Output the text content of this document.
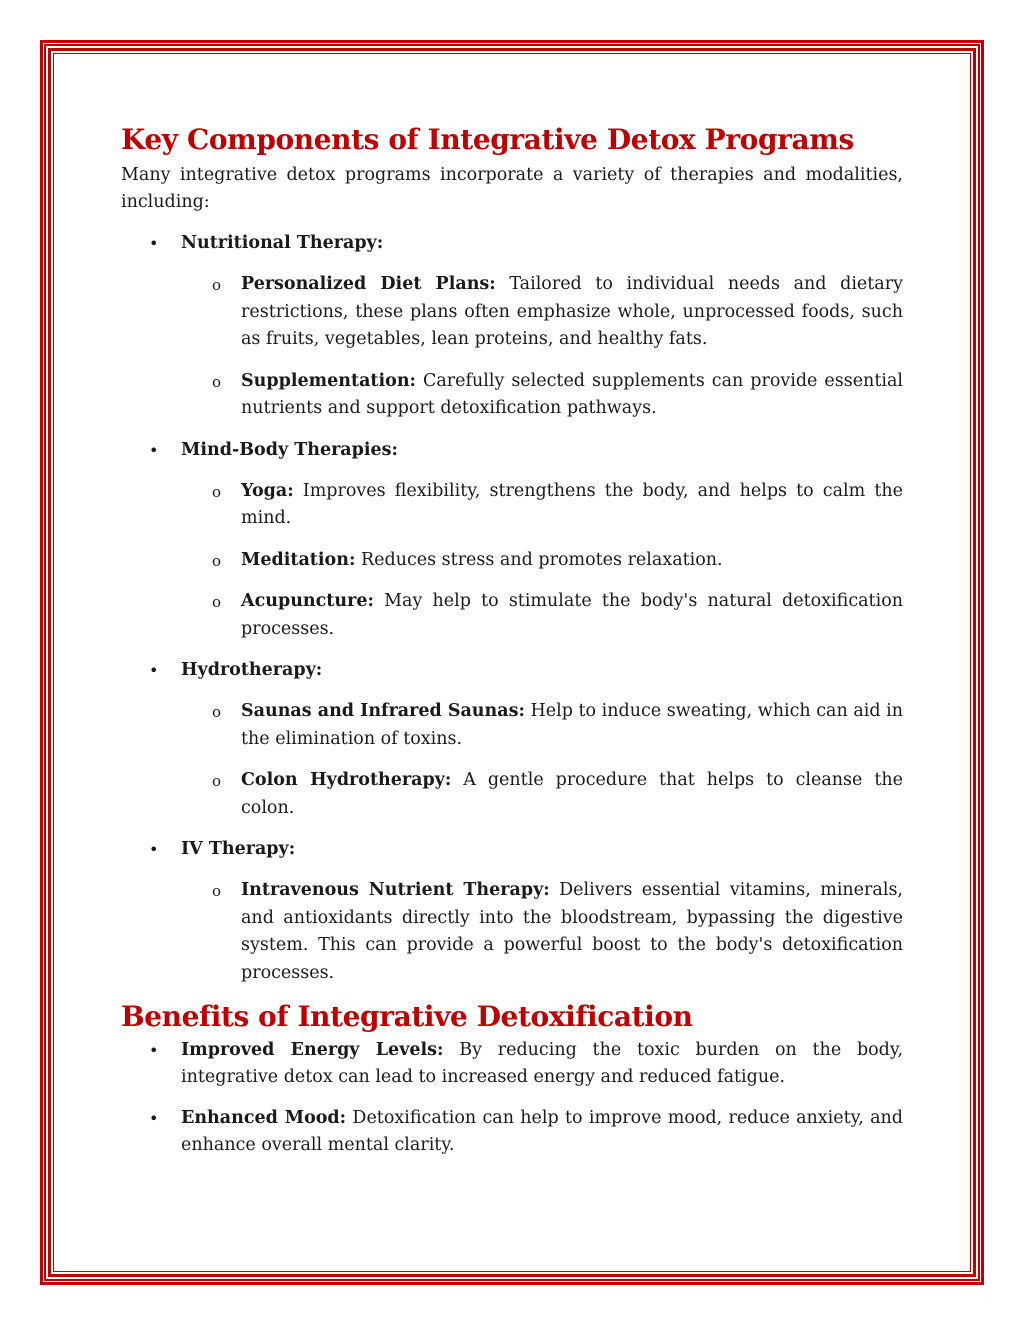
Key Components of Integrative Detox Programs

Many integrative detox programs incorporate a variety of therapies and modalities, including:

• Nutritional Therapy:
o Personalized Diet Plans: Tailored to individual needs and dietary restrictions, these plans often emphasize whole, unprocessed foods, such as fruits, vegetables, lean proteins, and healthy fats.
o Supplementation: Carefully selected supplements can provide essential nutrients and support detoxification pathways.
• Mind-Body Therapies:
o Yoga: Improves flexibility, strengthens the body, and helps to calm the mind.
o Meditation: Reduces stress and promotes relaxation.
o Acupuncture: May help to stimulate the body's natural detoxification processes.
• Hydrotherapy:
o Saunas and Infrared Saunas: Help to induce sweating, which can aid in the elimination of toxins.
o Colon Hydrotherapy: A gentle procedure that helps to cleanse the colon.
• IV Therapy:
o Intravenous Nutrient Therapy: Delivers essential vitamins, minerals, and antioxidants directly into the bloodstream, bypassing the digestive system. This can provide a powerful boost to the body's detoxification processes.
Benefits of Integrative Detoxification
• Improved Energy Levels: By reducing the toxic burden on the body, integrative detox can lead to increased energy and reduced fatigue.
• Enhanced Mood: Detoxification can help to improve mood, reduce anxiety, and enhance overall mental clarity.
